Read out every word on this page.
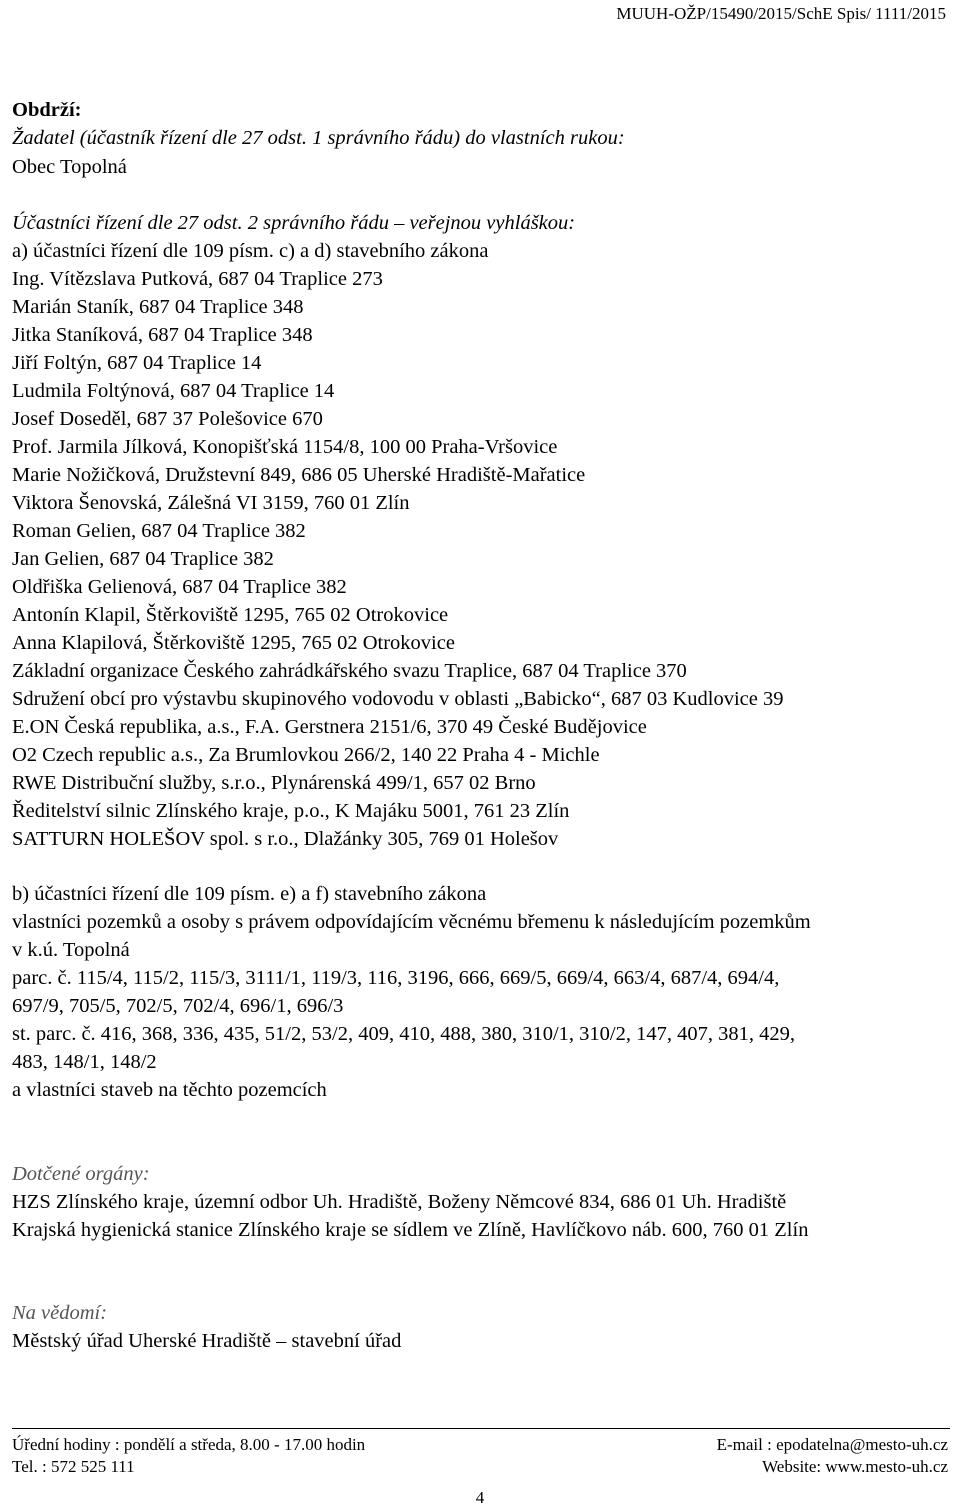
MUUH-OŽP/15490/2015/SchE Spis/ 1111/2015
Obdrží:
Žadatel (účastník řízení dle 27 odst. 1 správního řádu) do vlastních rukou:
Obec Topolná
Účastníci řízení dle 27 odst. 2 správního řádu – veřejnou vyhláškou:
a) účastníci řízení dle 109 písm. c) a d) stavebního zákona
Ing. Vítězslava Putková, 687 04 Traplice 273
Marián Staník, 687 04 Traplice 348
Jitka Staníková, 687 04 Traplice 348
Jiří Foltýn, 687 04 Traplice 14
Ludmila Foltýnová, 687 04 Traplice 14
Josef Doseděl, 687 37 Polešovice 670
Prof. Jarmila Jílková, Konopišťská 1154/8, 100 00 Praha-Vršovice
Marie Nožičková, Družstevní 849, 686 05 Uherské Hradiště-Mařatice
Viktora Šenovská, Zálešná VI 3159, 760 01 Zlín
Roman Gelien, 687 04 Traplice 382
Jan Gelien, 687 04 Traplice 382
Oldřiška Gelienová, 687 04 Traplice 382
Antonín Klapil, Štěrkoviště 1295, 765 02 Otrokovice
Anna Klapilová, Štěrkoviště 1295, 765 02 Otrokovice
Základní organizace Českého zahrádkářského svazu Traplice, 687 04 Traplice 370
Sdružení obcí pro výstavbu skupinového vodovodu v oblasti „Babicko“, 687 03 Kudlovice 39
E.ON Česká republika, a.s., F.A. Gerstnera 2151/6, 370 49 České Budějovice
O2 Czech republic a.s., Za Brumlovkou 266/2, 140 22 Praha 4 - Michle
RWE Distribuční služby, s.r.o., Plynárenská 499/1, 657 02 Brno
Ředitelství silnic Zlínského kraje, p.o., K Majáku 5001, 761 23 Zlín
SATTURN HOLEŠOV spol. s r.o., Dlažánky 305, 769 01 Holešov
b) účastníci řízení dle 109 písm. e) a f) stavebního zákona
vlastníci pozemků a osoby s právem odpovídajícím věcnému břemenu k následujícím pozemkům
v k.ú. Topolná
parc. č. 115/4, 115/2, 115/3, 3111/1, 119/3, 116, 3196, 666, 669/5, 669/4, 663/4, 687/4, 694/4,
697/9, 705/5, 702/5, 702/4, 696/1, 696/3
st. parc. č. 416, 368, 336, 435, 51/2, 53/2, 409, 410, 488, 380, 310/1, 310/2, 147, 407, 381, 429,
483, 148/1, 148/2
a vlastníci staveb na těchto pozemcích
Dotčené orgány:
HZS Zlínského kraje, územní odbor Uh. Hradiště, Boženy Němcové 834, 686 01 Uh. Hradiště
Krajská hygienická stanice Zlínského kraje se sídlem ve Zlíně, Havlíčkovo náb. 600, 760 01 Zlín
Na vědomí:
Městský úřad Uherské Hradiště – stavební úřad
Úřední hodiny : pondělí a středa, 8.00 - 17.00 hodin
Tel. : 572 525 111
E-mail : epodatelna@mesto-uh.cz
Website: www.mesto-uh.cz
4
